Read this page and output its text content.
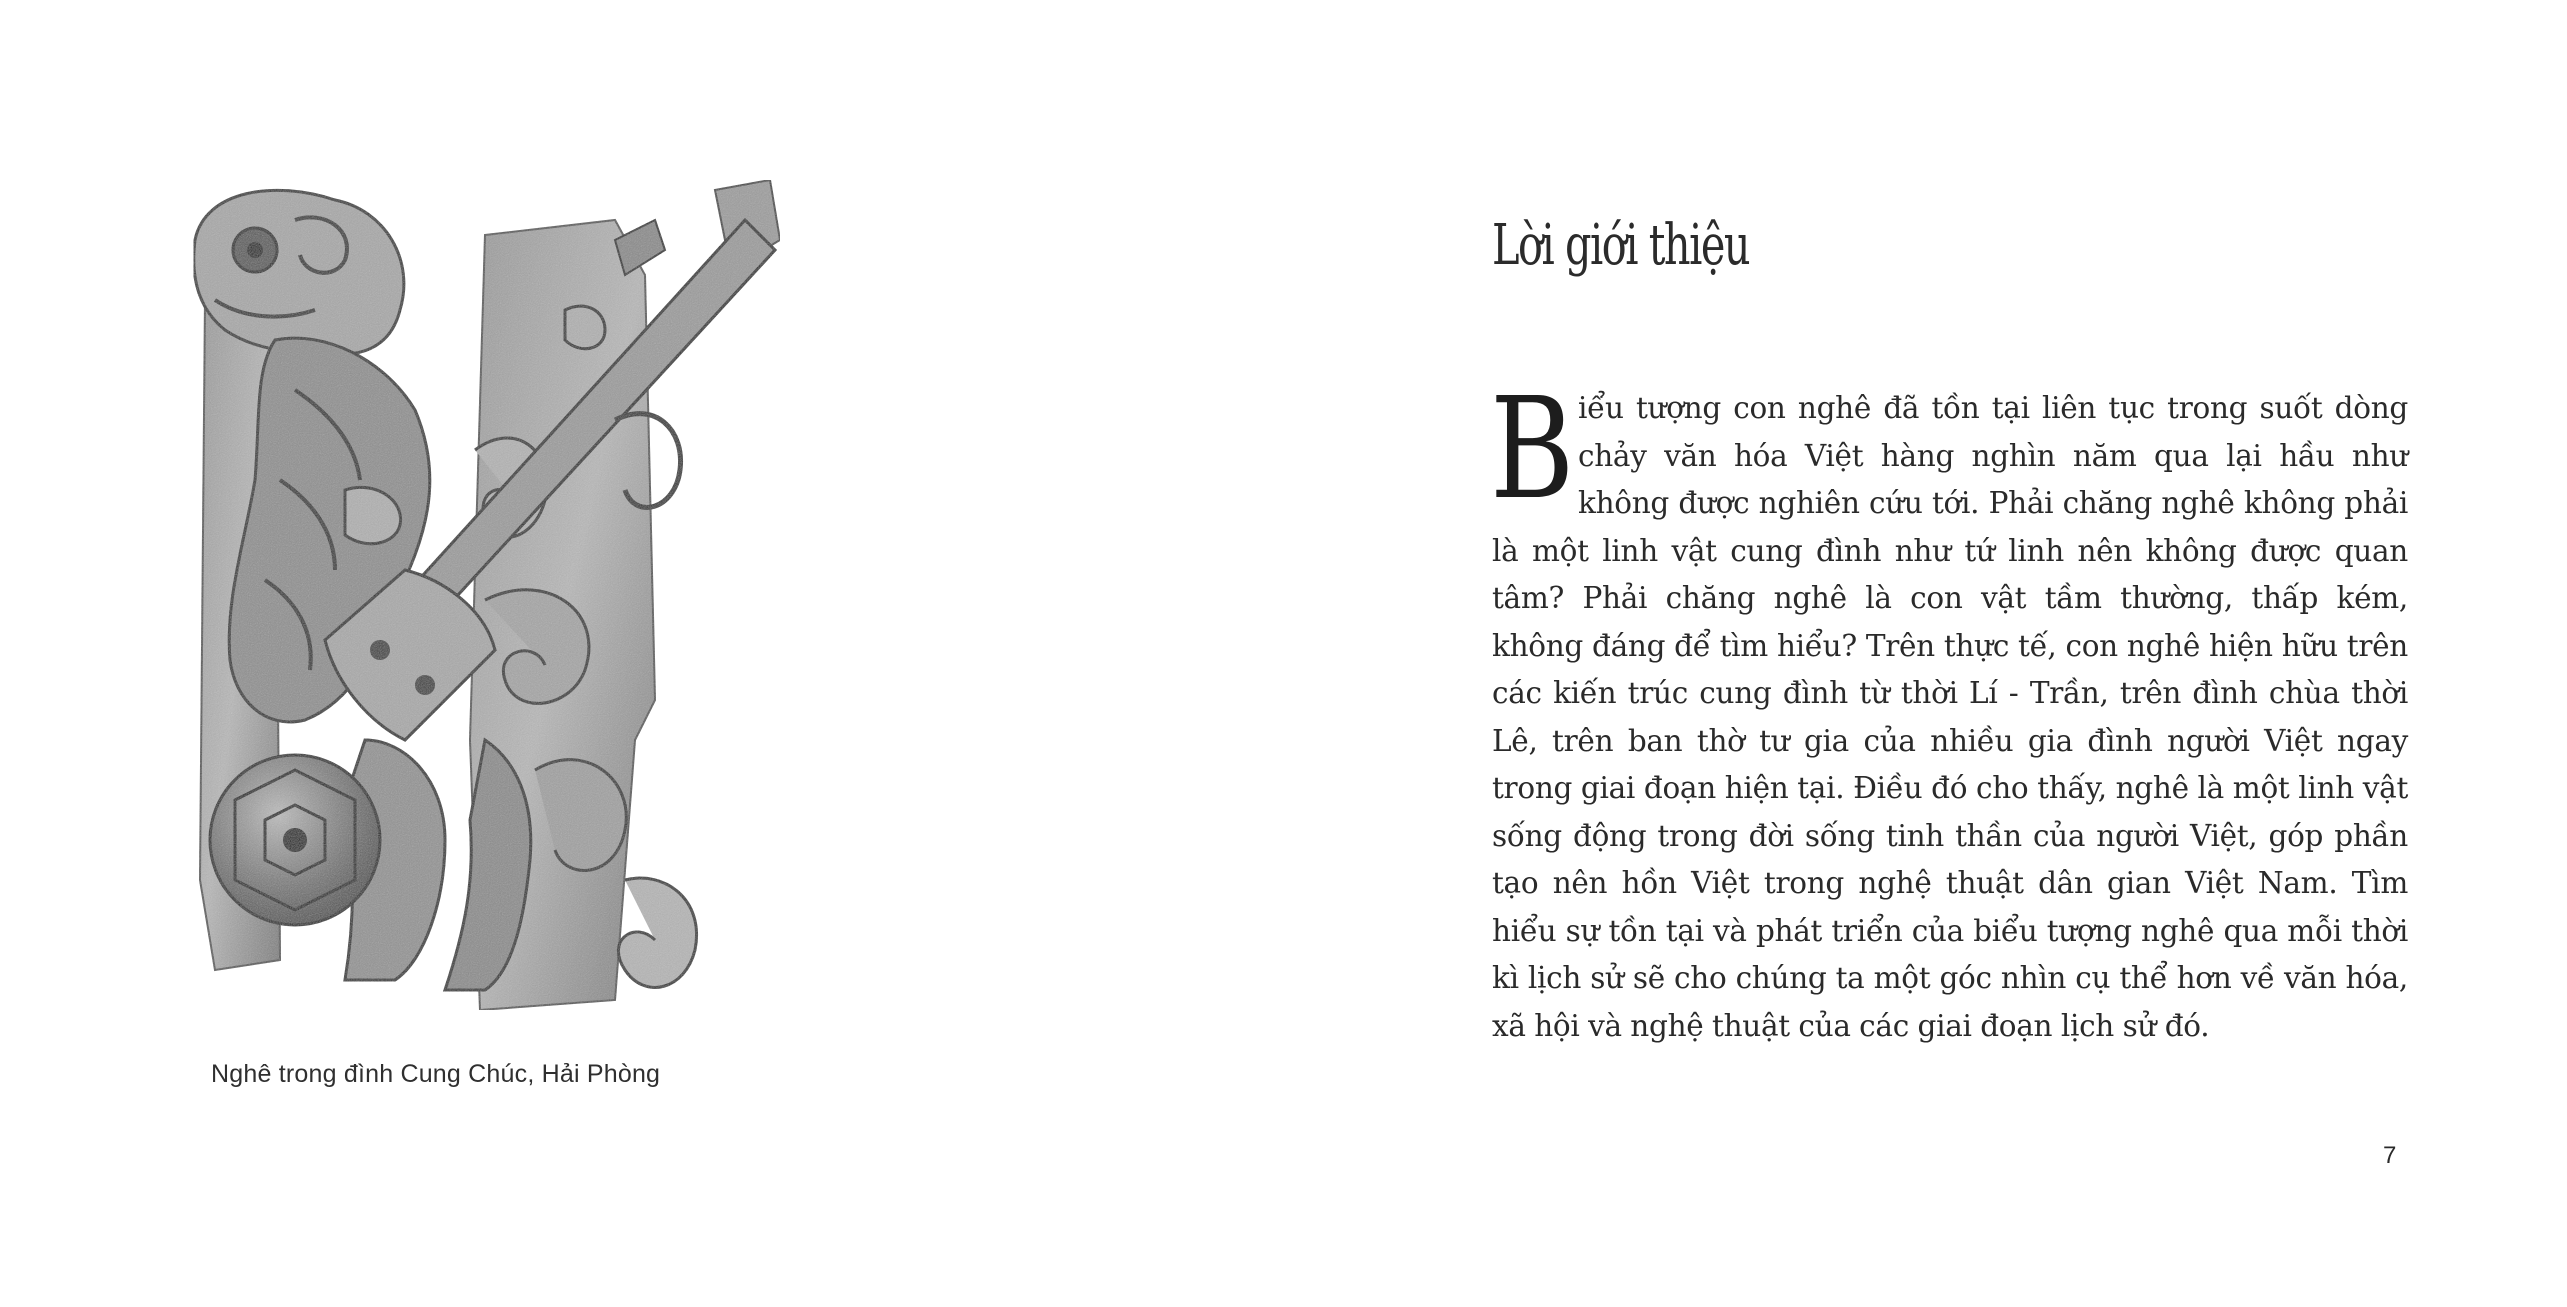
Nghê trong đình Cung Chúc, Hải Phòng
Lời giới thiệu

Biểu tượng con nghê đã tồn tại liên tục trong suốt dòng chảy văn hóa Việt hàng nghìn năm qua lại hầu như không được nghiên cứu tới. Phải chăng nghê không phải là một linh vật cung đình như tứ linh nên không được quan tâm? Phải chăng nghê là con vật tầm thường, thấp kém, không đáng để tìm hiểu? Trên thực tế, con nghê hiện hữu trên các kiến trúc cung đình từ thời Lí - Trần, trên đình chùa thời Lê, trên ban thờ tư gia của nhiều gia đình người Việt ngay trong giai đoạn hiện tại. Điều đó cho thấy, nghê là một linh vật sống động trong đời sống tinh thần của người Việt, góp phần tạo nên hồn Việt trong nghệ thuật dân gian Việt Nam. Tìm hiểu sự tồn tại và phát triển của biểu tượng nghê qua mỗi thời kì lịch sử sẽ cho chúng ta một góc nhìn cụ thể hơn về văn hóa, xã hội và nghệ thuật của các giai đoạn lịch sử đó.

7
